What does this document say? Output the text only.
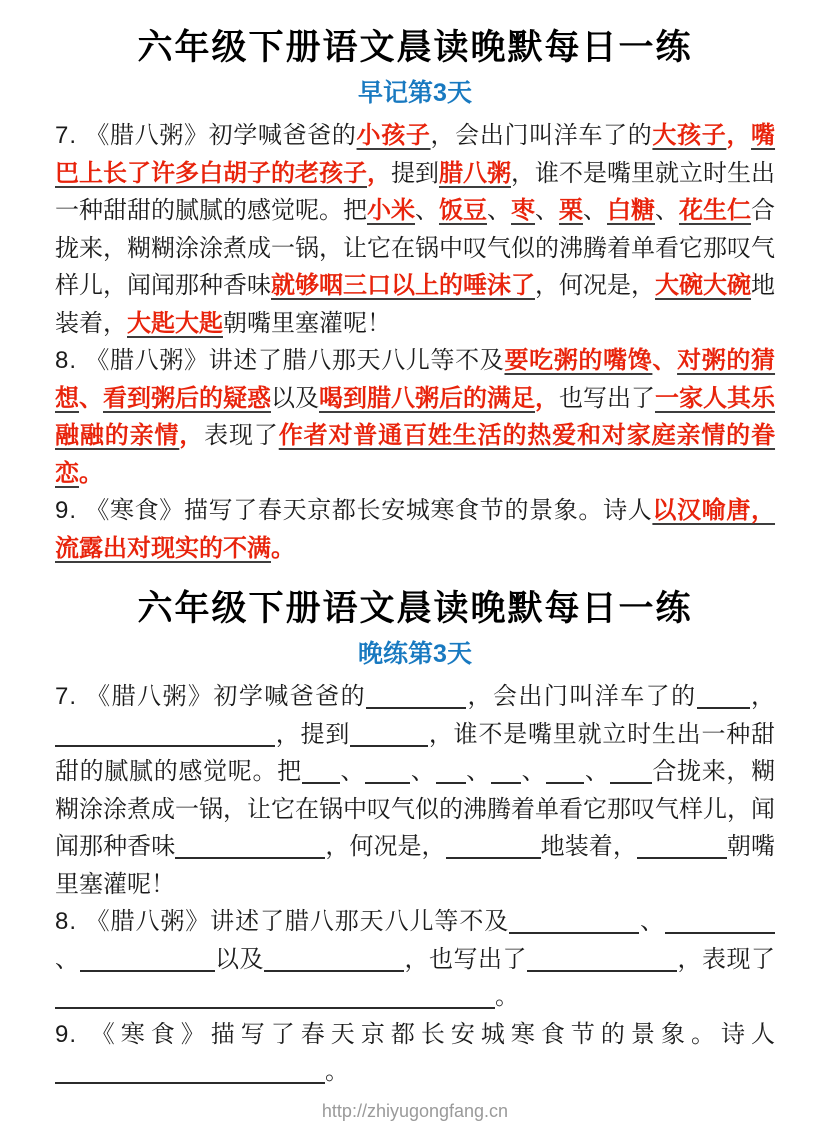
六年级下册语文晨读晚默每日一练
早记第3天

7. 《腊八粥》初学喊爸爸的小孩子，会出门叫洋车了的大孩子，嘴巴上长了许多白胡子的老孩子，提到腊八粥，谁不是嘴里就立时生出一种甜甜的腻腻的感觉呢。把小米、饭豆、枣、栗、白糖、花生仁合拢来，糊糊涂涂煮成一锅，让它在锅中叹气似的沸腾着单看它那叹气样儿，闻闻那种香味就够咽三口以上的唾沫了，何况是，大碗大碗地装着，大匙大匙朝嘴里塞灌呢！

8. 《腊八粥》讲述了腊八那天八儿等不及要吃粥的嘴馋、对粥的猜想、看到粥后的疑惑以及喝到腊八粥后的满足，也写出了一家人其乐融融的亲情，表现了作者对普通百姓生活的热爱和对家庭亲情的眷恋。

9. 《寒食》描写了春天京都长安城寒食节的景象。诗人以汉喻唐，流露出对现实的不满。

六年级下册语文晨读晚默每日一练
晚练第3天

7. 《腊八粥》初学喊爸爸的	，会出门叫洋车了的 ，，提到	，谁不是嘴里就立时生出一种甜甜的腻腻的感觉呢。把 、 、 、 、 、 合拢来，糊糊涂涂煮成一锅，让它在锅中叹气似的沸腾着单看它那叹气样儿，闻闻那种香味	，何况是，	地装着，	朝嘴里塞灌呢！

8. 《腊八粥》讲述了腊八那天八儿等不及	、、	以及	，也写出了	，表现了。

9. 《寒食》描写了春天京都长安城寒食节的景象。诗人。

http://zhiyugongfang.cn
